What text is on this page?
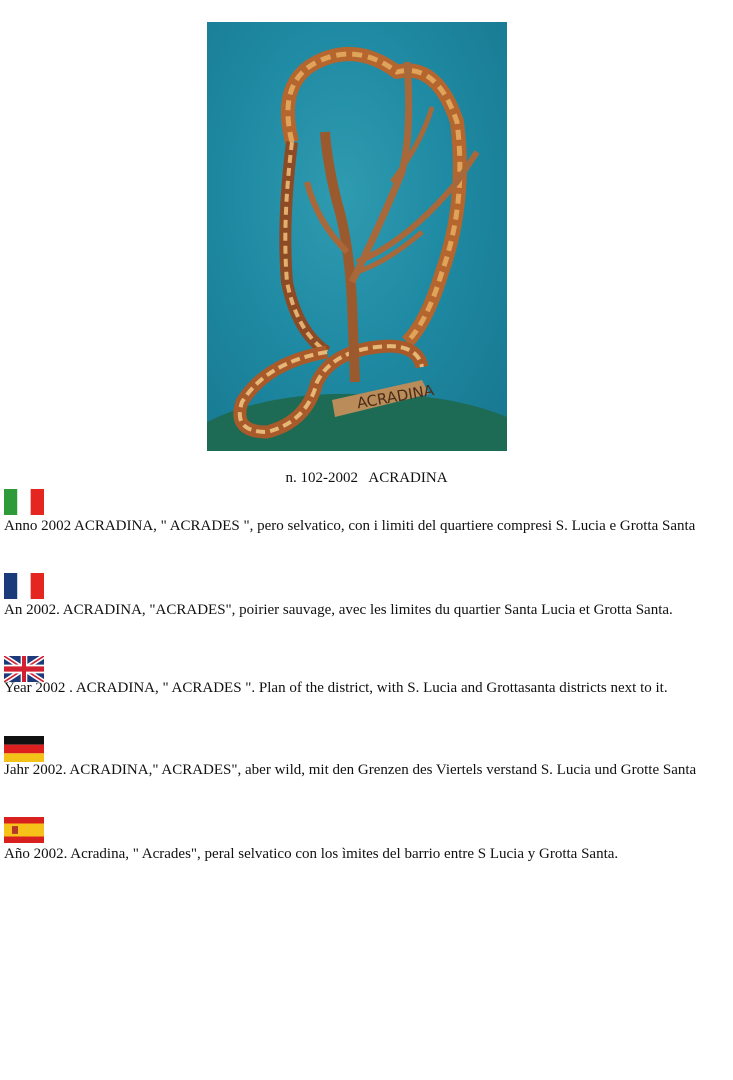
ACRADINA
n. 102-2002   ACRADINA
Anno 2002 ACRADINA, " ACRADES ", pero selvatico, con i limiti del quartiere compresi S. Lucia e Grotta Santa
An 2002. ACRADINA, "ACRADES", poirier sauvage, avec les limites du quartier Santa Lucia et Grotta Santa.
Year 2002 . ACRADINA, " ACRADES ". Plan of the district, with S. Lucia and Grottasanta districts next to it.
Jahr 2002. ACRADINA," ACRADES", aber wild, mit den Grenzen des Viertels verstand S. Lucia und Grotte Santa
Año 2002. Acradina, " Acrades", peral selvatico con los ìmites del barrio entre S Lucia y Grotta Santa.
